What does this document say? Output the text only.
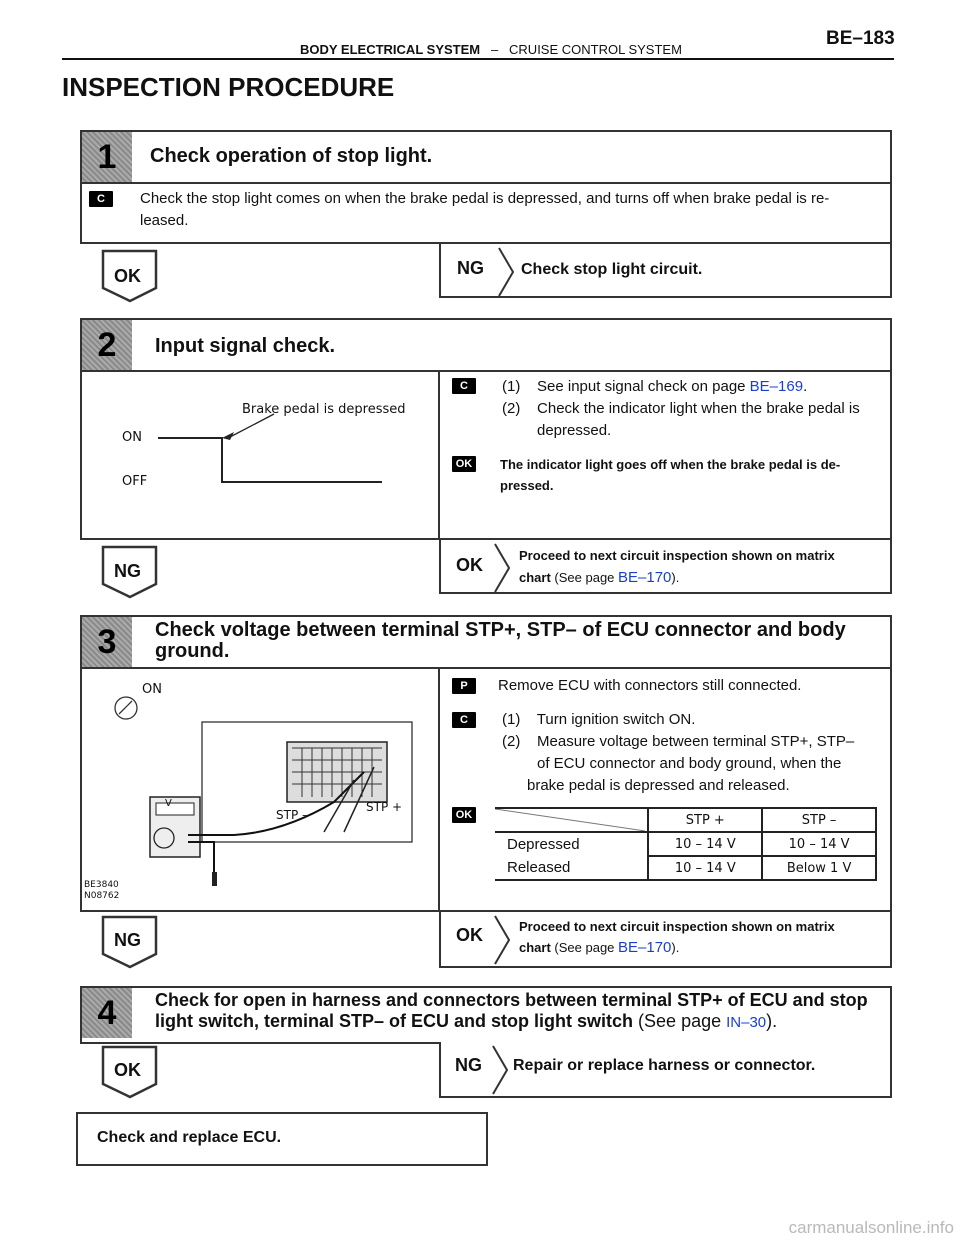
BODY ELECTRICAL SYSTEM – CRUISE CONTROL SYSTEM
BE–183
INSPECTION PROCEDURE
1	Check operation of stop light.
C	Check the stop light comes on when the brake pedal is depressed, and turns off when brake pedal is re- leased.
OK	NG Check stop light circuit.
2	Input signal check.
Brake pedal is depressed
ON
OFF
C	(1) See input signal check on page BE–169.
(2) Check the indicator light when the brake pedal is
depressed.
OK The indicator light goes off when the brake pedal is de-
pressed.
NG	OK	Proceed to next circuit inspection shown on matrix
chart (See page BE–170).
3	Check voltage between terminal STP+, STP– of ECU connector and body
ground.
ON
V
STP –
STP +
BE3840
N08762
P	Remove ECU with connectors still connected.
C	(1) Turn ignition switch ON.
(2) Measure voltage between terminal STP+, STP–
of ECU connector and body ground, when the
brake pedal is depressed and released.
OK
		STP +	STP –
Depressed	10 – 14 V	10 – 14 V
Released	10 – 14 V	Below 1 V
NG	OK	Proceed to next circuit inspection shown on matrix
chart (See page BE–170).
4	Check for open in harness and connectors between terminal STP+ of ECU and stop
light switch, terminal STP– of ECU and stop light switch (See page IN–30).
OK	NG Repair or replace harness or connector.
Check and replace ECU.
carmanualsonline.info
